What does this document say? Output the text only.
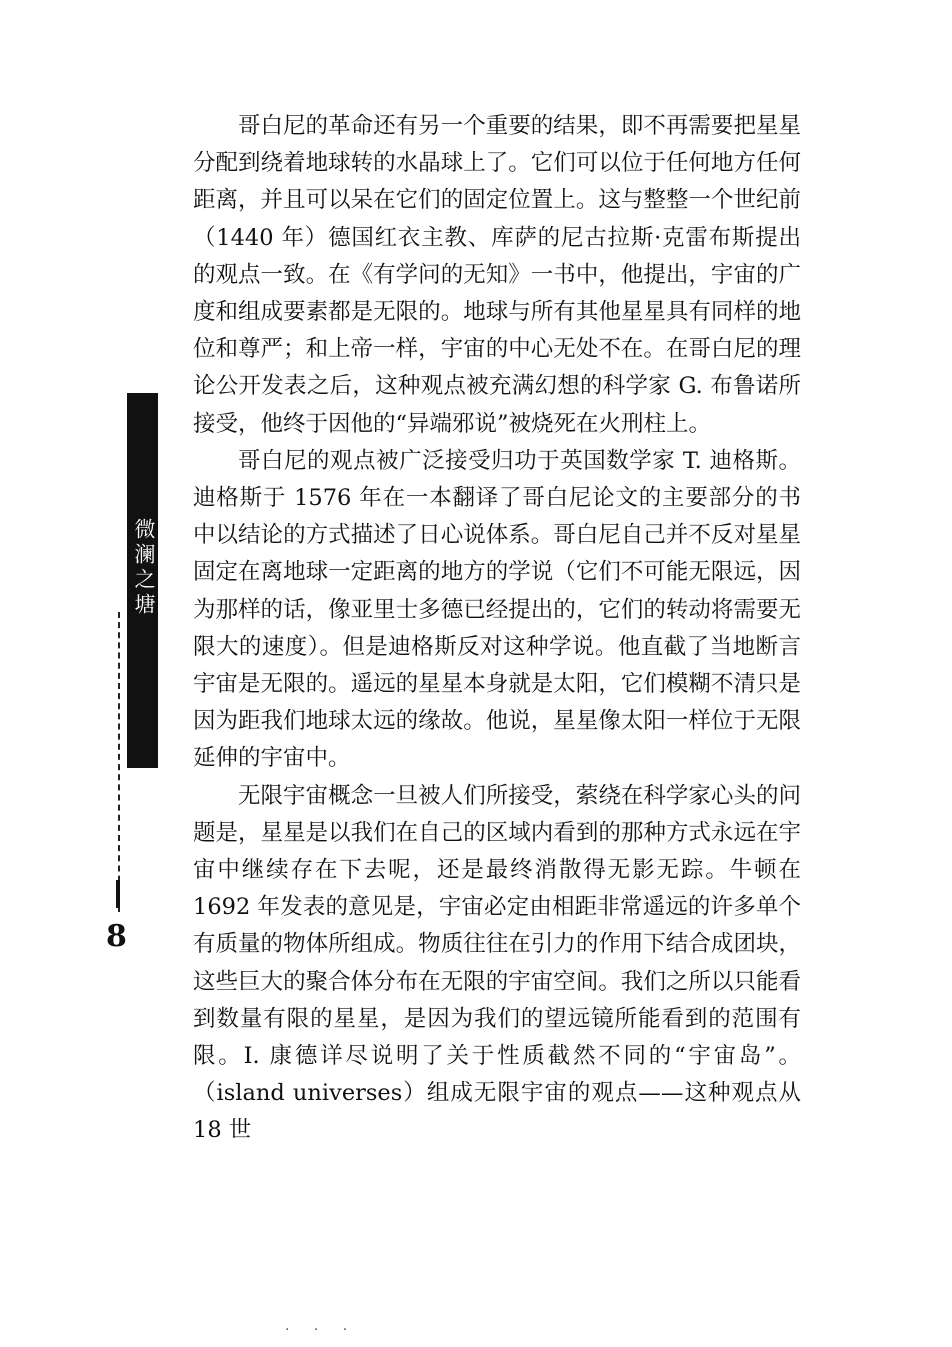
微澜之塘
8

哥白尼的革命还有另一个重要的结果，即不再需要把星星分配到绕着地球转的水晶球上了。它们可以位于任何地方任何距离，并且可以呆在它们的固定位置上。这与整整一个世纪前（1440 年）德国红衣主教、库萨的尼古拉斯·克雷布斯提出的观点一致。在《有学问的无知》一书中，他提出，宇宙的广度和组成要素都是无限的。地球与所有其他星星具有同样的地位和尊严；和上帝一样，宇宙的中心无处不在。在哥白尼的理论公开发表之后，这种观点被充满幻想的科学家 G. 布鲁诺所接受，他终于因他的“异端邪说”被烧死在火刑柱上。

哥白尼的观点被广泛接受归功于英国数学家 T. 迪格斯。迪格斯于 1576 年在一本翻译了哥白尼论文的主要部分的书中以结论的方式描述了日心说体系。哥白尼自己并不反对星星固定在离地球一定距离的地方的学说（它们不可能无限远，因为那样的话，像亚里士多德已经提出的，它们的转动将需要无限大的速度）。但是迪格斯反对这种学说。他直截了当地断言宇宙是无限的。遥远的星星本身就是太阳，它们模糊不清只是因为距我们地球太远的缘故。他说，星星像太阳一样位于无限延伸的宇宙中。

无限宇宙概念一旦被人们所接受，萦绕在科学家心头的问题是，星星是以我们在自己的区域内看到的那种方式永远在宇宙中继续存在下去呢，还是最终消散得无影无踪。牛顿在 1692 年发表的意见是，宇宙必定由相距非常遥远的许多单个有质量的物体所组成。物质往往在引力的作用下结合成团块，这些巨大的聚合体分布在无限的宇宙空间。我们之所以只能看到数量有限的星星，是因为我们的望远镜所能看到的范围有限。I. 康德详尽说明了关于性质截然不同的“宇宙岛”。（island universes）组成无限宇宙的观点——这种观点从 18 世

. . .
